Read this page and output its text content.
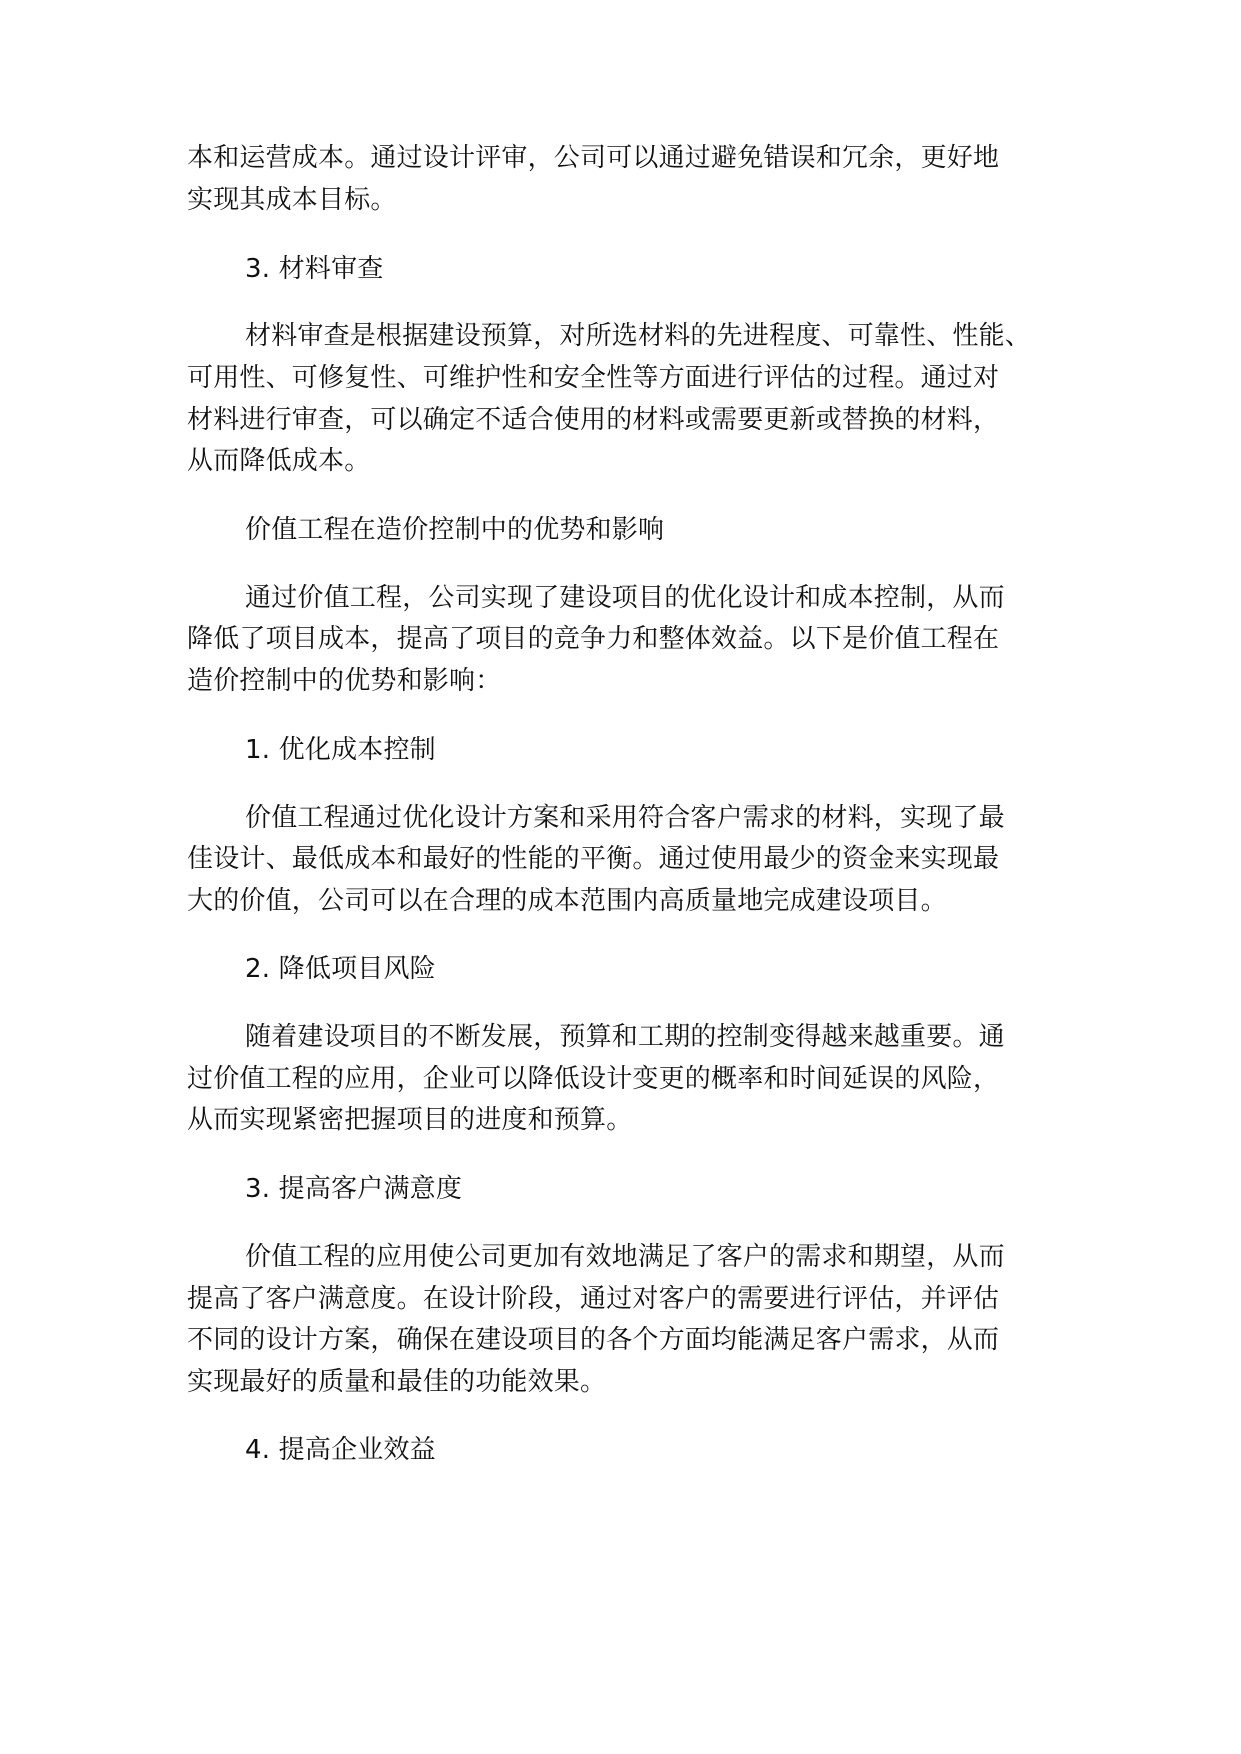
本和运营成本。通过设计评审，公司可以通过避免错误和冗余，更好地
实现其成本目标。
3. 材料审查
材料审查是根据建设预算，对所选材料的先进程度、可靠性、性能、
可用性、可修复性、可维护性和安全性等方面进行评估的过程。通过对
材料进行审查，可以确定不适合使用的材料或需要更新或替换的材料，
从而降低成本。
价值工程在造价控制中的优势和影响
通过价值工程，公司实现了建设项目的优化设计和成本控制，从而
降低了项目成本，提高了项目的竞争力和整体效益。以下是价值工程在
造价控制中的优势和影响：
1. 优化成本控制
价值工程通过优化设计方案和采用符合客户需求的材料，实现了最
佳设计、最低成本和最好的性能的平衡。通过使用最少的资金来实现最
大的价值，公司可以在合理的成本范围内高质量地完成建设项目。
2. 降低项目风险
随着建设项目的不断发展，预算和工期的控制变得越来越重要。通
过价值工程的应用，企业可以降低设计变更的概率和时间延误的风险，
从而实现紧密把握项目的进度和预算。
3. 提高客户满意度
价值工程的应用使公司更加有效地满足了客户的需求和期望，从而
提高了客户满意度。在设计阶段，通过对客户的需要进行评估，并评估
不同的设计方案，确保在建设项目的各个方面均能满足客户需求，从而
实现最好的质量和最佳的功能效果。
4. 提高企业效益
